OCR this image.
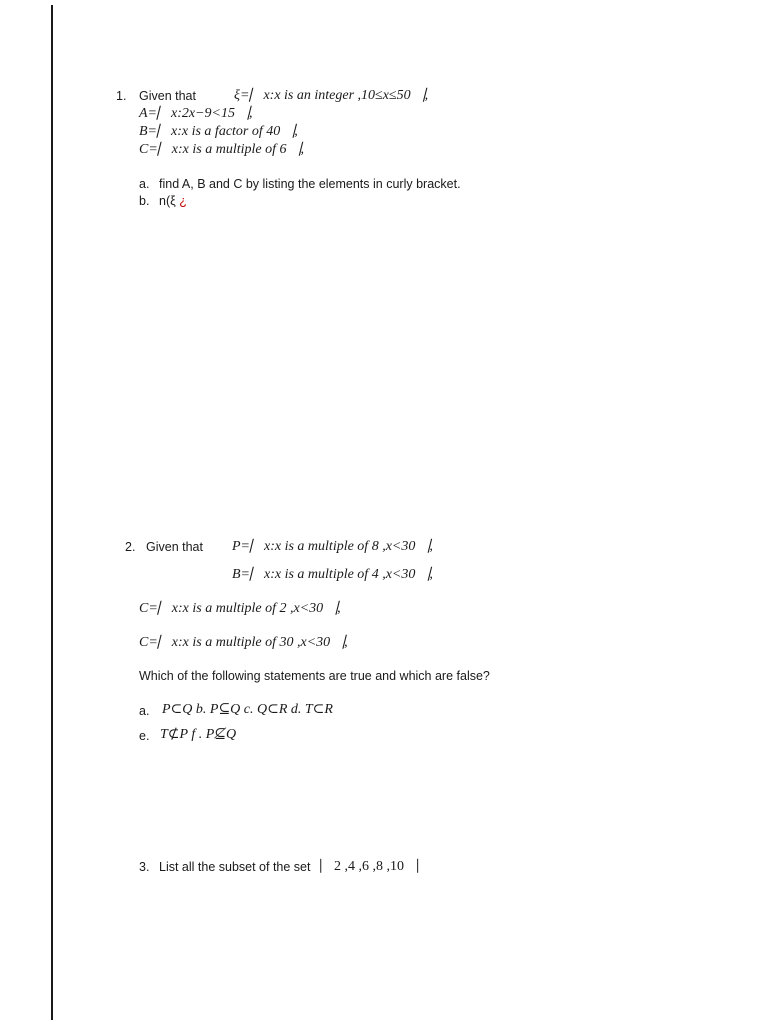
1. Given that	ξ=⎸x:x is an integer ,10≤x≤50⎹,
A=⎸x:2x−9<15⎹,
B=⎸x:x is a factor of 40⎹,
C=⎸x:x is a multiple of 6⎹,
a. find A, B and C by listing the elements in curly bracket.
b. n(ξ ¿
2. Given that P=⎸x:x is a multiple of 8 ,x<30⎹,
B=⎸x:x is a multiple of 4 ,x<30⎹,
C=⎸x:x is a multiple of 2 ,x<30⎹,
C=⎸x:x is a multiple of 30 ,x<30⎹,
Which of the following statements are true and which are false?
a. P⊂Q b. P⊆Q c. Q⊂R d. T⊂R
e. T⊄P f . P⊈Q
3. List all the subset of the set ⎸2 ,4 ,6 ,8 ,10⎹
